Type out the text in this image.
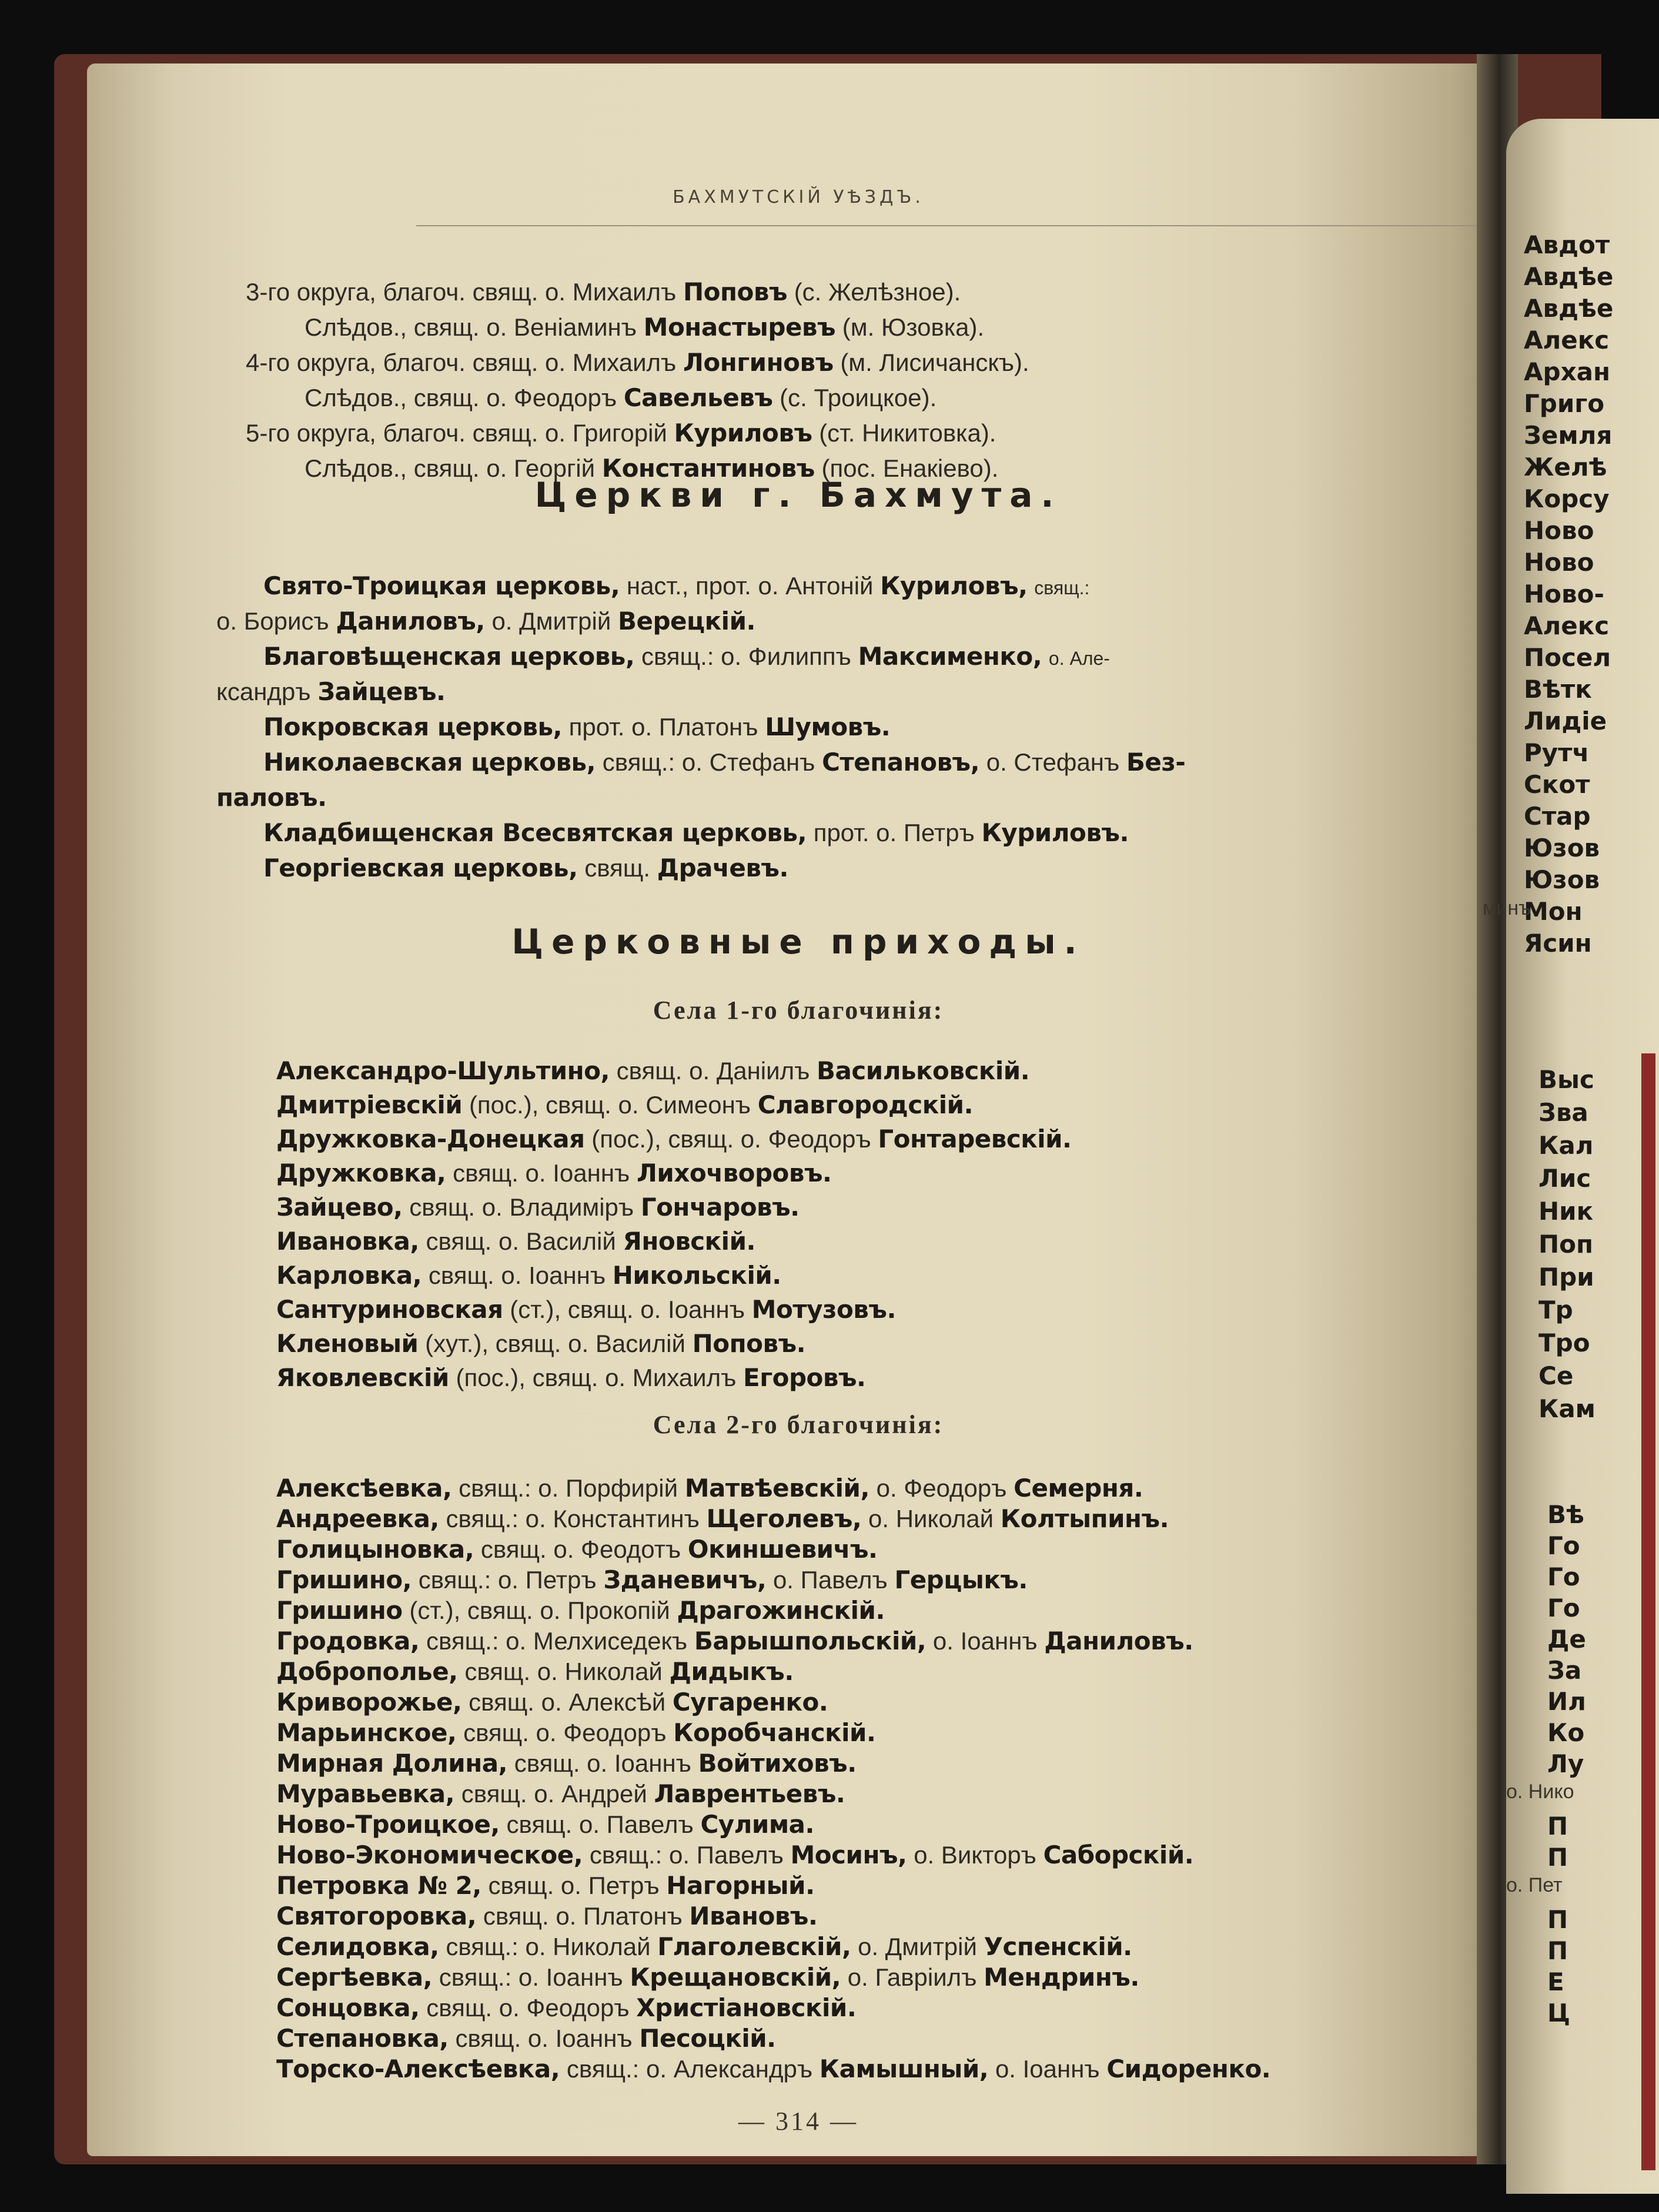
БАХМУТСКІЙ УѢЗДЪ.
3-го округа, благоч. свящ. о. Михаилъ Поповъ (с. Желѣзное).
Слѣдов., свящ. о. Веніаминъ Монастыревъ (м. Юзовка).
4-го округа, благоч. свящ. о. Михаилъ Лонгиновъ (м. Лисичанскъ).
Слѣдов., свящ. о. Феодоръ Савельевъ (с. Троицкое).
5-го округа, благоч. свящ. о. Григорій Куриловъ (ст. Никитовка).
Слѣдов., свящ. о. Георгій Константиновъ (пос. Енакіево).
Церкви г. Бахмута.
Свято-Троицкая церковь, наст., прот. о. Антоній Куриловъ, свящ.:
о. Борисъ Даниловъ, о. Дмитрій Верецкій.
Благовѣщенская церковь, свящ.: о. Филиппъ Максименко, о. Але-
ксандръ Зайцевъ.
Покровская церковь, прот. о. Платонъ Шумовъ.
Николаевская церковь, свящ.: о. Стефанъ Степановъ, о. Стефанъ Без-
паловъ.
Кладбищенская Всесвятская церковь, прот. о. Петръ Куриловъ.
Георгіевская церковь, свящ. Драчевъ.
Церковные приходы.
Села 1-го благочинія:
Александро-Шультино, свящ. о. Даніилъ Васильковскій.
Дмитріевскій (пос.), свящ. о. Симеонъ Славгородскій.
Дружковка-Донецкая (пос.), свящ. о. Феодоръ Гонтаревскій.
Дружковка, свящ. о. Іоаннъ Лихочворовъ.
Зайцево, свящ. о. Владиміръ Гончаровъ.
Ивановка, свящ. о. Василій Яновскій.
Карловка, свящ. о. Іоаннъ Никольскій.
Сантуриновская (ст.), свящ. о. Іоаннъ Мотузовъ.
Кленовый (хут.), свящ. о. Василій Поповъ.
Яковлевскій (пос.), свящ. о. Михаилъ Егоровъ.
Села 2-го благочинія:
Алексѣевка, свящ.: о. Порфирій Матвѣевскій, о. Феодоръ Семерня.
Андреевка, свящ.: о. Константинъ Щеголевъ, о. Николай Колтыпинъ.
Голицыновка, свящ. о. Феодотъ Окиншевичъ.
Гришино, свящ.: о. Петръ Зданевичъ, о. Павелъ Герцыкъ.
Гришино (ст.), свящ. о. Прокопій Драгожинскій.
Гродовка, свящ.: о. Мелхиседекъ Барышпольскій, о. Іоаннъ Даниловъ.
Доброполье, свящ. о. Николай Дидыкъ.
Криворожье, свящ. о. Алексѣй Сугаренко.
Марьинское, свящ. о. Феодоръ Коробчанскій.
Мирная Долина, свящ. о. Іоаннъ Войтиховъ.
Муравьевка, свящ. о. Андрей Лаврентьевъ.
Ново-Троицкое, свящ. о. Павелъ Сулима.
Ново-Экономическое, свящ.: о. Павелъ Мосинъ, о. Викторъ Саборскій.
Петровка № 2, свящ. о. Петръ Нагорный.
Святогоровка, свящ. о. Платонъ Ивановъ.
Селидовка, свящ.: о. Николай Глаголевскій, о. Дмитрій Успенскій.
Сергѣевка, свящ.: о. Іоаннъ Крещановскій, о. Гавріилъ Мендринъ.
Сонцовка, свящ. о. Феодоръ Христіановскій.
Степановка, свящ. о. Іоаннъ Песоцкій.
Торско-Алексѣевка, свящ.: о. Александръ Камышный, о. Іоаннъ Сидоренко.
— 314 —
Авдот
Авдѣе
Авдѣе
Алекс
Архан
Григо
Земля
Желѣ
Корсу
Ново
Ново
Ново-
Алекс
Посел
Вѣтк
Лидіе
Рутч
Скот
Стар
Юзов
Юзов
Мон
Ясин
Выс
Зва
Кал
Лис
Ник
Поп
При
Тр
Тро
Се
Кам
Вѣ
Го
Го
Го
Де
За
Ил
Ко
Лу
о. Нико
П
П
о. Пет
П
П
Е
Ц
минъ
